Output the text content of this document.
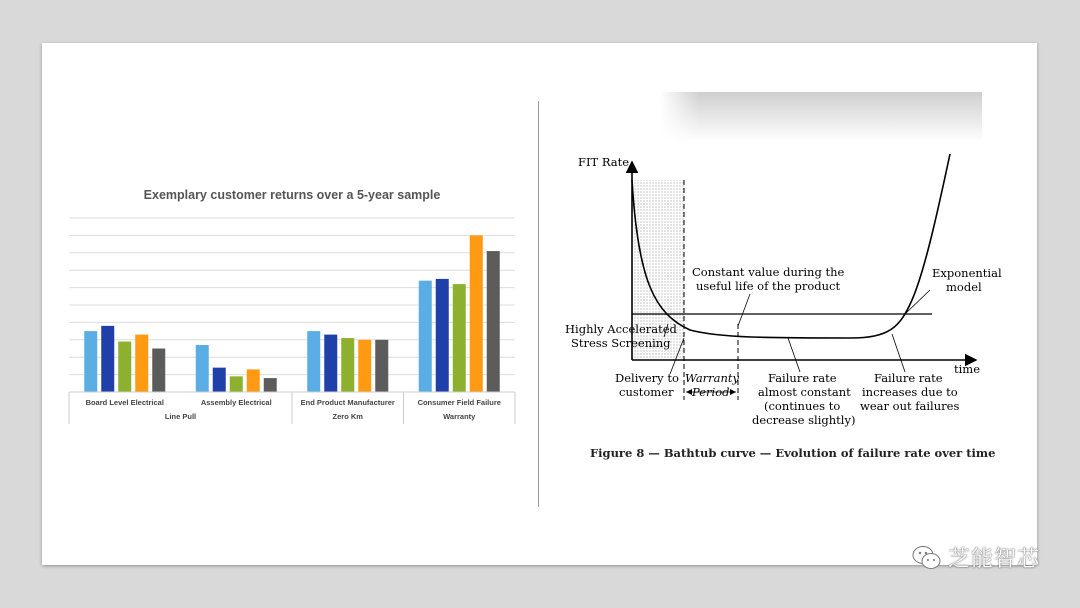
Exemplary customer returns over a 5-year sample
Board Level Electrical	Assembly Electrical	End Product Manufacturer	Consumer Field Failure
Line Pull	Zero Km	Warranty
FIT Rate
time
Highly Accelerated
Stress Screening
Delivery to
customer
Warranty
Period
Constant value during the
useful life of the product
Failure rate
almost constant
(continues to
decrease slightly)
Failure rate
increases due to
wear out failures
Exponential
model
Figure 8 — Bathtub curve — Evolution of failure rate over time
芝能智芯
